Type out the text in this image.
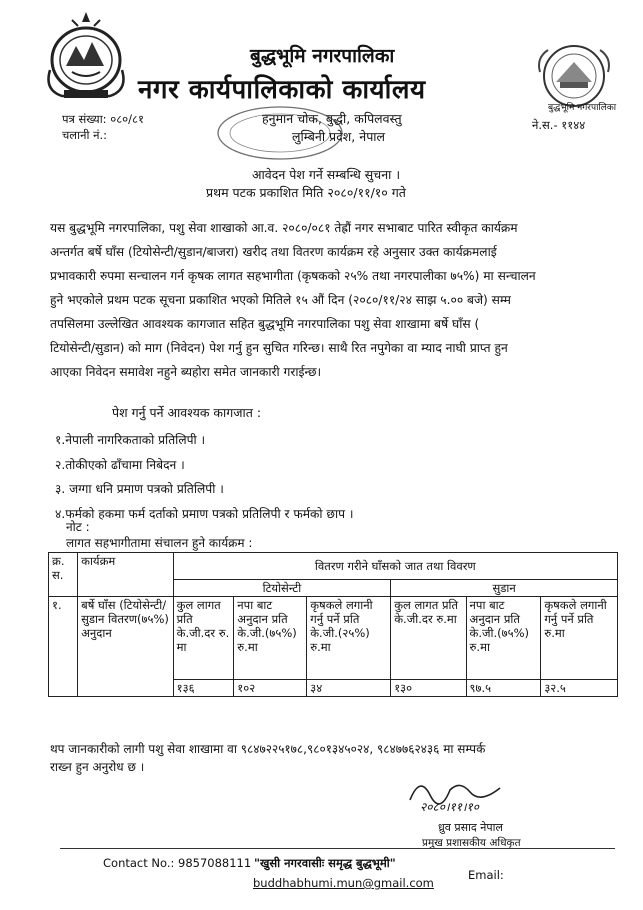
बुद्धभूमि नगरपालिका
बुद्धभूमि नगरपालिका
नगर कार्यपालिकाको कार्यालय
हनुमान चोक, बुद्धी, कपिलवस्तु
लुम्बिनी प्रदेश, नेपाल
पत्र संख्या: ०८०/८१
चलानी नं.:
ने.स.- ११४४
आवेदन पेश गर्ने सम्बन्धि सुचना ।
प्रथम पटक प्रकाशित मिति २०८०/११/१० गते
यस बुद्धभूमि नगरपालिका, पशु सेवा शाखाको आ.व. २०८०/०८१ तेह्रौं नगर सभाबाट पारित स्वीकृत कार्यक्रम
अन्तर्गत बर्षे घाँस (टियोसेन्टी/सुडान/बाजरा) खरीद तथा वितरण कार्यक्रम रहे अनुसार उक्त कार्यक्रमलाई
प्रभावकारी रुपमा सन्चालन गर्न कृषक लागत सहभागीता (कृषकको २५% तथा नगरपालीका ७५%) मा सन्चालन
हुने भएकोले प्रथम पटक सूचना प्रकाशित भएको मितिले १५ औं दिन (२०८०/११/२४ साझ ५.०० बजे) सम्म
तपसिलमा उल्लेखित आवश्यक कागजात सहित बुद्धभूमि नगरपालिका पशु सेवा शाखामा बर्षे घाँस (
टियोसेन्टी/सुडान) को माग (निवेदन) पेश गर्नु हुन सुचित गरिन्छ। साथै रित नपुगेका वा म्याद नाघी प्राप्त हुन
आएका निवेदन समावेश नहुने ब्यहोरा समेत जानकारी गराईन्छ।
पेश गर्नु पर्ने आवश्यक कागजात :
१.नेपाली नागरिकताको प्रतिलिपी ।
२.तोकीएको ढाँचामा निबेदन ।
३. जग्गा धनि प्रमाण पत्रको प्रतिलिपी ।
४.फर्मको हकमा फर्म दर्ताको प्रमाण पत्रको प्रतिलिपी र फर्मको छाप ।
नोट :
लागत सहभागीतामा संचालन हुने कार्यक्रम :
क्र. स.	कार्यक्रम	वितरण गरीने घाँसको जात तथा विवरण					
		टियोसेन्टी			सुडान		

१.	बर्षे घाँस (टियोसेन्टी/सुडान वितरण(७५%) अनुदान	कुल लागत प्रति के.जी.दर रु. मा	नपा बाट अनुदान प्रति के.जी.(७५%) रु.मा	कृषकले लगानी गर्नु पर्ने प्रति के.जी.(२५%) रु.मा	कुल लागत प्रति के.जी.दर रु.मा	नपा बाट अनुदान प्रति के.जी.(७५%) रु.मा	कृषकले लगानी गर्नु पर्ने प्रति रु.मा
		१३६	१०२	३४	१३०	९७.५	३२.५
थप जानकारीको लागी पशु सेवा शाखामा वा ९८४७२२५१७८,९८०१३४५०२४, ९८४७७६२४३६ मा सम्पर्क
राख्न हुन अनुरोध छ ।
२०८०।११।१०
ध्रुव प्रसाद नेपाल
प्रमुख प्रशासकीय अधिकृत
Contact No.: 9857088111 "खुसी नगरवासीः समृद्ध बुद्धभूमी"
Email:
buddhabhumi.mun@gmail.com
